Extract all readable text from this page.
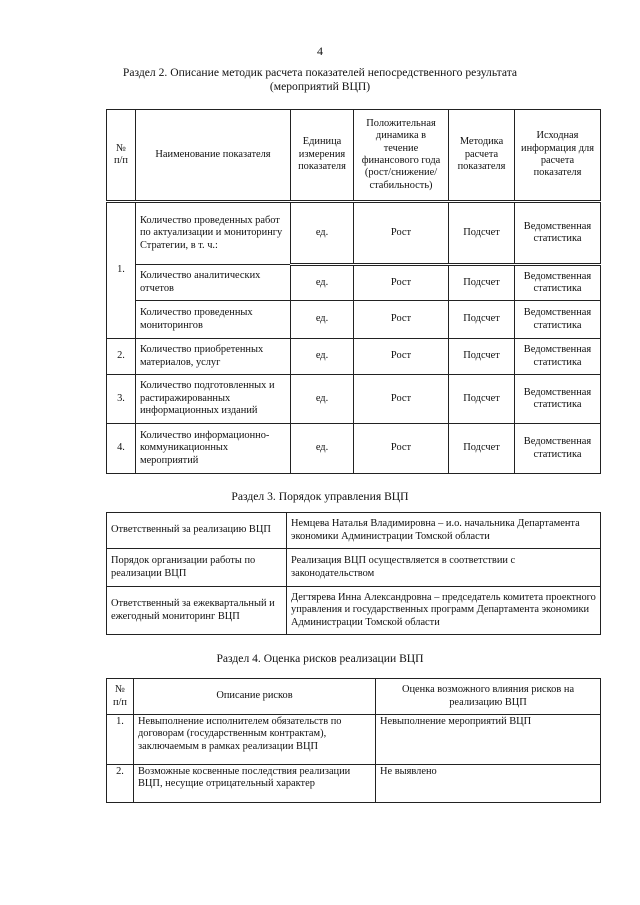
4
Раздел 2. Описание методик расчета показателей непосредственного результата
(мероприятий ВЦП)
№ п/п	Наименование показателя	Единица измерения показателя	Положительная динамика в течение финансового года (рост/снижение/ стабильность)	Методика расчета показателя	Исходная информация для расчета показателя
1.	Количество проведенных работ по актуализации и мониторингу Стратегии, в т. ч.:	ед.	Рост	Подсчет	Ведомственная статистика
	Количество аналитических отчетов	ед.	Рост	Подсчет	Ведомственная статистика
	Количество проведенных мониторингов	ед.	Рост	Подсчет	Ведомственная статистика
2.	Количество приобретенных материалов, услуг	ед.	Рост	Подсчет	Ведомственная статистика
3.	Количество подготовленных и растиражированных информационных изданий	ед.	Рост	Подсчет	Ведомственная статистика
4.	Количество информационно-коммуникационных мероприятий	ед.	Рост	Подсчет	Ведомственная статистика
Раздел 3. Порядок управления ВЦП
Ответственный за реализацию ВЦП	Немцева Наталья Владимировна – и.о. начальника Департамента экономики Администрации Томской области
Порядок организации работы по реализации ВЦП	Реализация ВЦП осуществляется в соответствии с законодательством
Ответственный за ежеквартальный и ежегодный мониторинг ВЦП	Дегтярева Инна Александровна – председатель комитета проектного управления и государственных программ Департамента экономики Администрации Томской области
Раздел 4. Оценка рисков реализации ВЦП
№ п/п	Описание рисков	Оценка возможного влияния рисков на реализацию ВЦП
1.	Невыполнение исполнителем обязательств по договорам (государственным контрактам), заключаемым в рамках реализации ВЦП	Невыполнение мероприятий ВЦП
2.	Возможные косвенные последствия реализации ВЦП, несущие отрицательный характер	Не выявлено
